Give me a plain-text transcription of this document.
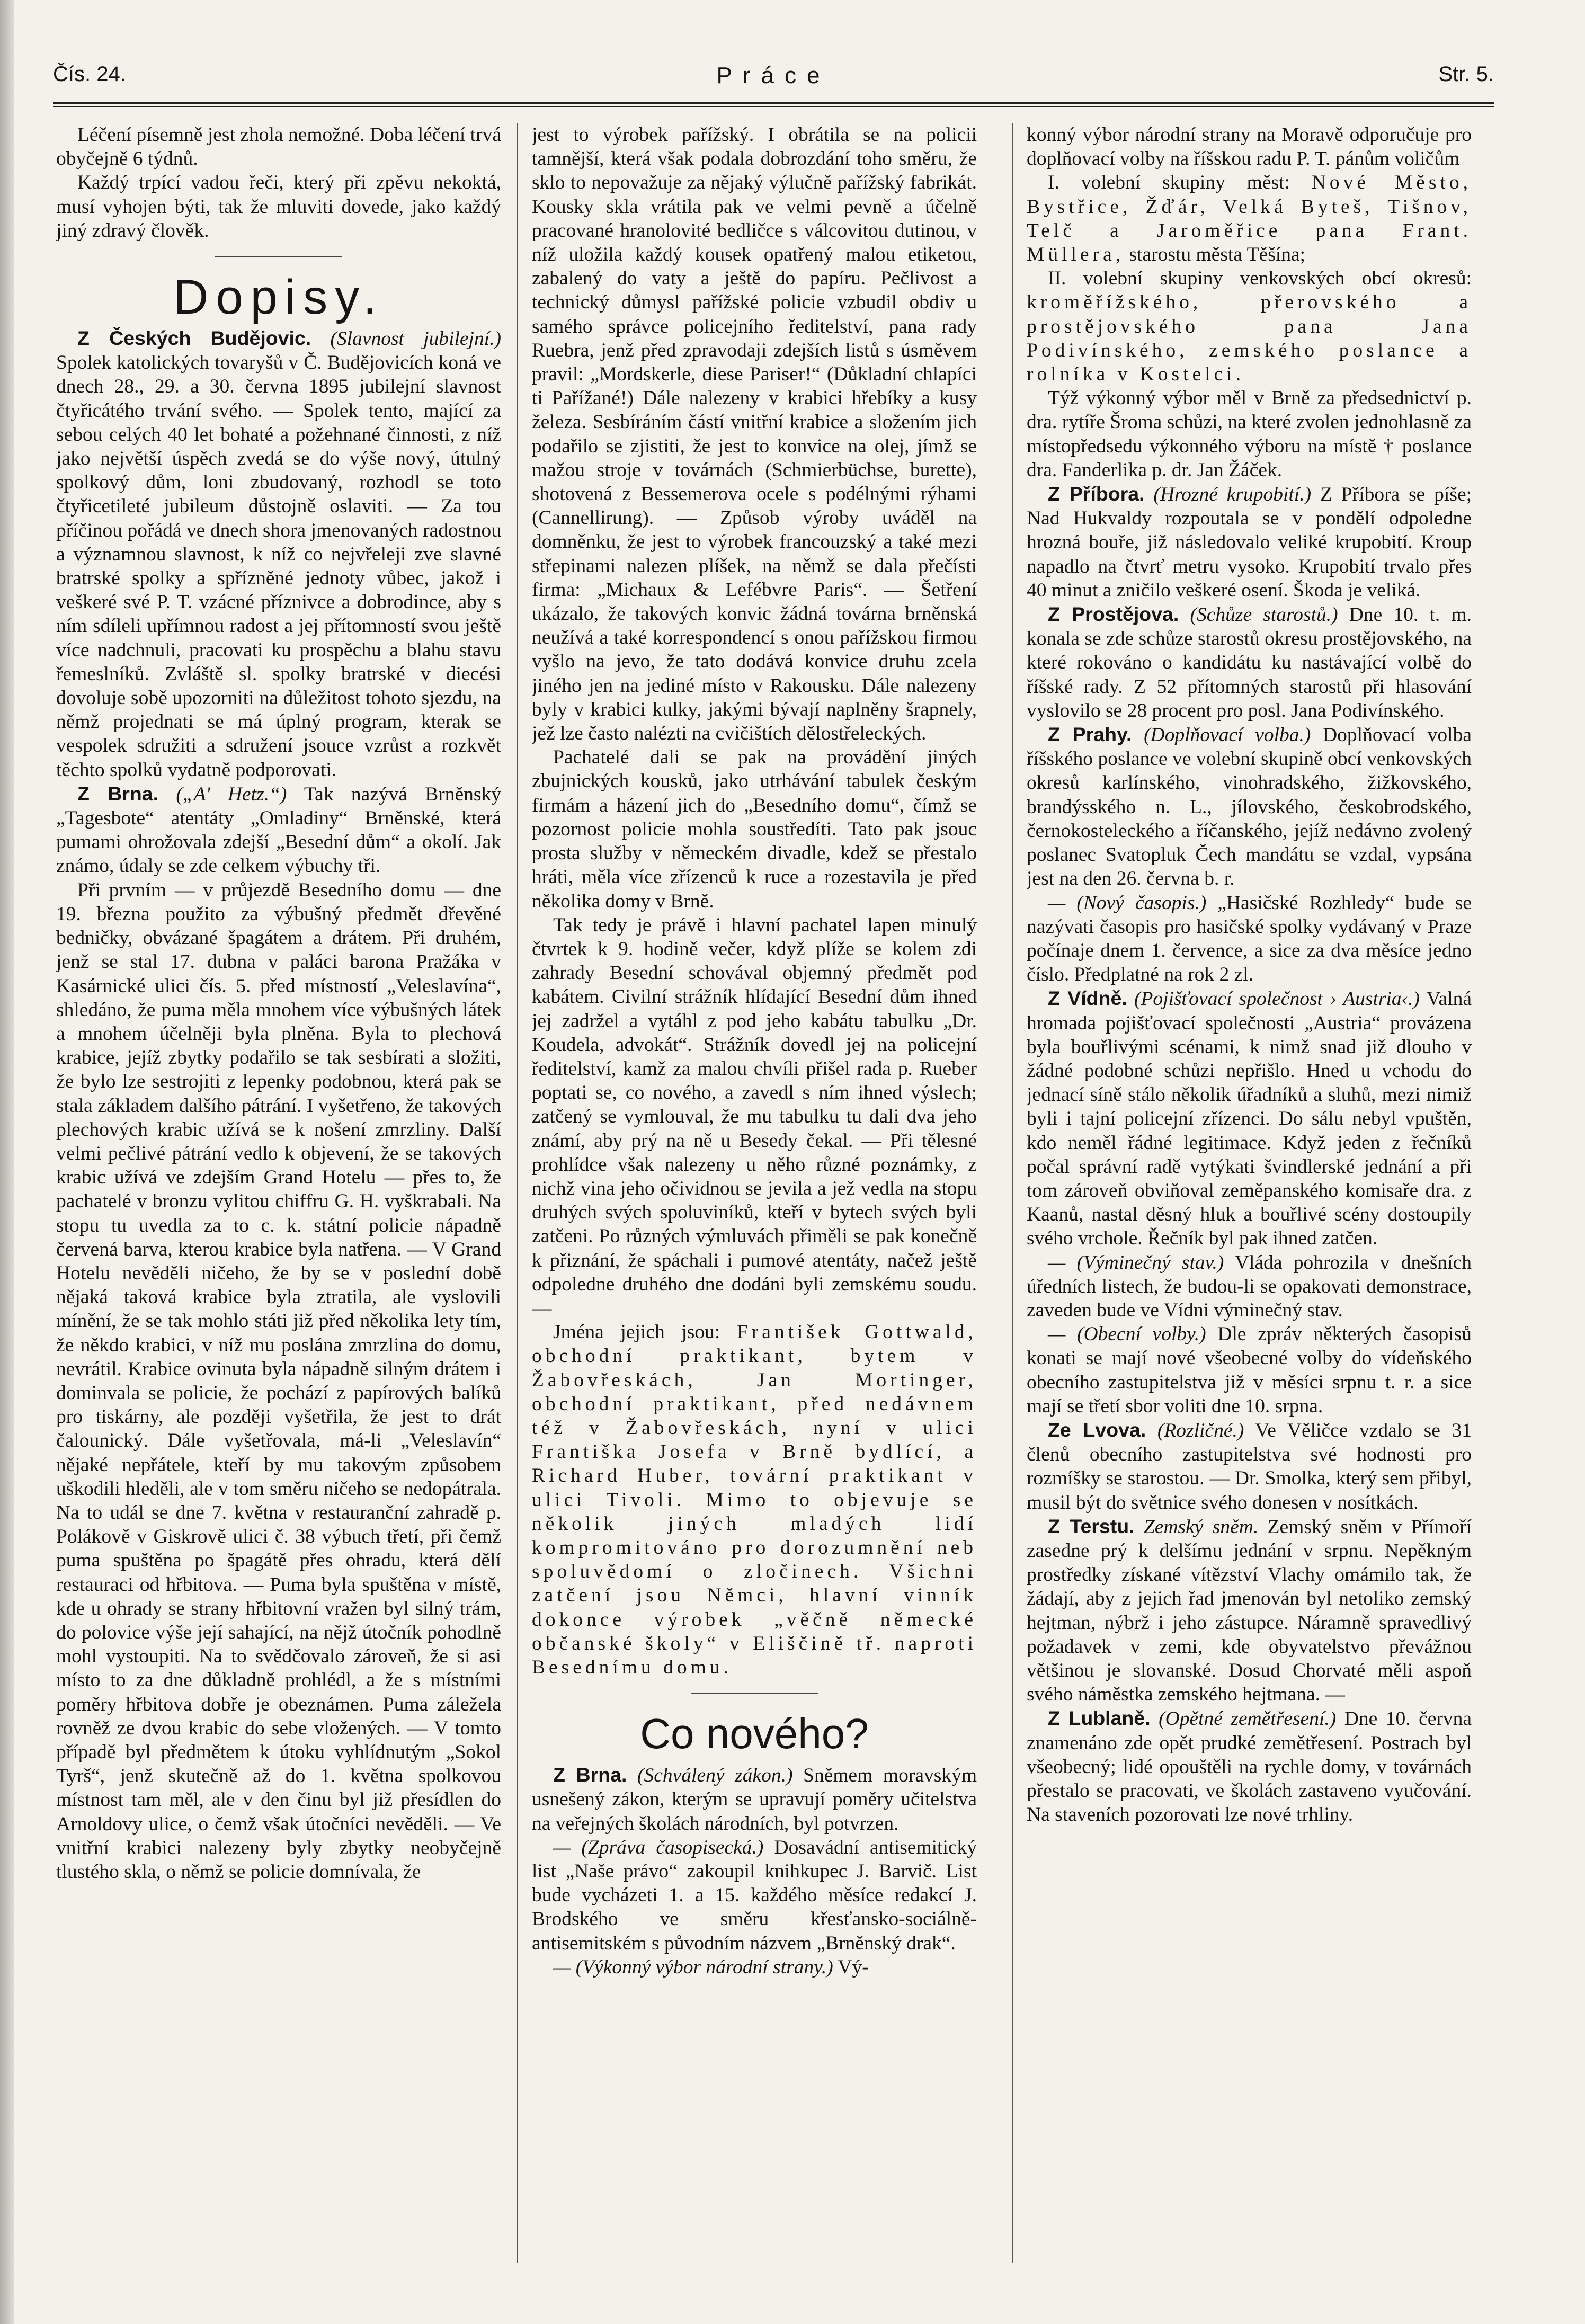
Čís. 24.	Práce	Str. 5.

Léčení písemně jest zhola nemožné. Doba léčení trvá obyčejně 6 týdnů.

Každý trpící vadou řeči, který při zpěvu nekoktá, musí vyhojen býti, tak že mluviti dovede, jako každý jiný zdravý člověk.

Dopisy.

Z Českých Budějovic. (Slavnost jubilejní.) Spolek katolických tovaryšů v Č. Budějovicích koná ve dnech 28., 29. a 30. června 1895 jubilejní slavnost čtyřicátého trvání svého. — Spolek tento, mající za sebou celých 40 let bohaté a požehnané činnosti, z níž jako největší úspěch zvedá se do výše nový, útulný spolkový dům, loni zbudovaný, rozhodl se toto čtyřicetileté jubileum důstojně oslaviti. — Za tou příčinou pořádá ve dnech shora jmenovaných radostnou a významnou slavnost, k níž co nejvřeleji zve slavné bratrské spolky a spřízněné jednoty vůbec, jakož i veškeré své P. T. vzácné příznivce a dobrodince, aby s ním sdíleli upřímnou radost a jej přítomností svou ještě více nadchnuli, pracovati ku prospěchu a blahu stavu řemeslníků. Zvláště sl. spolky bratrské v diecési dovoluje sobě upozorniti na důležitost tohoto sjezdu, na němž projednati se má úplný program, kterak se vespolek sdružiti a sdružení jsouce vzrůst a rozkvět těchto spolků vydatně podporovati.

Z Brna. („A' Hetz.“) Tak nazývá Brněnský „Tagesbote“ atentáty „Omladiny“ Brněnské, která pumami ohrožovala zdejší „Besední dům“ a okolí. Jak známo, údaly se zde celkem výbuchy tři.

Při prvním — v průjezdě Besedního domu — dne 19. března použito za výbušný předmět dřevěné bedničky, obvázané špagátem a drátem. Při druhém, jenž se stal 17. dubna v paláci barona Pražáka v Kasárnické ulici čís. 5. před místností „Veleslavína“, shledáno, že puma měla mnohem více výbušných látek a mnohem účelněji byla plněna. Byla to plechová krabice, jejíž zbytky podařilo se tak sesbírati a složiti, že bylo lze sestrojiti z lepenky podobnou, která pak se stala základem dalšího pátrání. I vyšetřeno, že takových plechových krabic užívá se k nošení zmrzliny. Další velmi pečlivé pátrání vedlo k objevení, že se takových krabic užívá ve zdejším Grand Hotelu — přes to, že pachatelé v bronzu vylitou chiffru G. H. vyškrabali. Na stopu tu uvedla za to c. k. státní policie nápadně červená barva, kterou krabice byla natřena. — V Grand Hotelu nevěděli ničeho, že by se v poslední době nějaká taková krabice byla ztratila, ale vyslovili mínění, že se tak mohlo státi již před několika lety tím, že někdo krabici, v níž mu poslána zmrzlina do domu, nevrátil. Krabice ovinuta byla nápadně silným drátem i dominvala se policie, že pochází z papírových balíků pro tiskárny, ale později vyšetřila, že jest to drát čalounický. Dále vyšetřovala, má-li „Veleslavín“ nějaké nepřátele, kteří by mu takovým způsobem uškodili hleděli, ale v tom směru ničeho se nedopátrala. Na to udál se dne 7. května v restauranční zahradě p. Polákově v Giskrově ulici č. 38 výbuch třetí, při čemž puma spuštěna po špagátě přes ohradu, která dělí restauraci od hřbitova. — Puma byla spuštěna v místě, kde u ohrady se strany hřbitovní vražen byl silný trám, do polovice výše její sahající, na nějž útočník pohodlně mohl vystoupiti. Na to svědčovalo zároveň, že si asi místo to za dne důkladně prohlédl, a že s místními poměry hřbitova dobře je obeznámen. Puma záležela rovněž ze dvou krabic do sebe vložených. — V tomto případě byl předmětem k útoku vyhlídnutým „Sokol Tyrš“, jenž skutečně až do 1. května spolkovou místnost tam měl, ale v den činu byl již přesídlen do Arnoldovy ulice, o čemž však útočníci nevěděli. — Ve vnitřní krabici nalezeny byly zbytky neobyčejně tlustého skla, o němž se policie domnívala, že

jest to výrobek pařížský. I obrátila se na policii tamnější, která však podala dobrozdání toho směru, že sklo to nepovažuje za nějaký výlučně pařížský fabrikát. Kousky skla vrátila pak ve velmi pevně a účelně pracované hranolovité bedličce s válcovitou dutinou, v níž uložila každý kousek opatřený malou etiketou, zabalený do vaty a ještě do papíru. Pečlivost a technický důmysl pařížské policie vzbudil obdiv u samého správce policejního ředitelství, pana rady Ruebra, jenž před zpravodaji zdejších listů s úsměvem pravil: „Mordskerle, diese Pariser!“ (Důkladní chlapíci ti Pařížané!) Dále nalezeny v krabici hřebíky a kusy železa. Sesbíráním částí vnitřní krabice a složením jich podařilo se zjistiti, že jest to konvice na olej, jímž se mažou stroje v továrnách (Schmierbüchse, burette), shotovená z Bessemerova ocele s podélnými rýhami (Cannellirung). — Způsob výroby uváděl na domněnku, že jest to výrobek francouzský a také mezi střepinami nalezen plíšek, na němž se dala přečísti firma: „Michaux & Lefébvre Paris“. — Šetření ukázalo, že takových konvic žádná továrna brněnská neužívá a také korrespondencí s onou pařížskou firmou vyšlo na jevo, že tato dodává konvice druhu zcela jiného jen na jediné místo v Rakousku. Dále nalezeny byly v krabici kulky, jakými bývají naplněny šrapnely, jež lze často nalézti na cvičištích dělostřeleckých.

Pachatelé dali se pak na provádění jiných zbujnických kousků, jako utrhávání tabulek českým firmám a házení jich do „Besedního domu“, čímž se pozornost policie mohla soustředíti. Tato pak jsouc prosta služby v německém divadle, kdež se přestalo hráti, měla více zřízenců k ruce a rozestavila je před několika domy v Brně.

Tak tedy je právě i hlavní pachatel lapen minulý čtvrtek k 9. hodině večer, když plíže se kolem zdi zahrady Besední schovával objemný předmět pod kabátem. Civilní strážník hlídající Besední dům ihned jej zadržel a vytáhl z pod jeho kabátu tabulku „Dr. Koudela, advokát“. Strážník dovedl jej na policejní ředitelství, kamž za malou chvíli přišel rada p. Rueber poptati se, co nového, a zavedl s ním ihned výslech; zatčený se vymlouval, že mu tabulku tu dali dva jeho známí, aby prý na ně u Besedy čekal. — Při tělesné prohlídce však nalezeny u něho různé poznámky, z nichž vina jeho očividnou se jevila a jež vedla na stopu druhých svých spoluviníků, kteří v bytech svých byli zatčeni. Po různých výmluvách přiměli se pak konečně k přiznání, že spáchali i pumové atentáty, načež ještě odpoledne druhého dne dodáni byli zemskému soudu. —

Jména jejich jsou: František Gottwald, obchodní praktikant, bytem v Žabovřeskách, Jan Mortinger, obchodní praktikant, před nedávnem též v Žabovřeskách, nyní v ulici Františka Josefa v Brně bydlící, a Richard Huber, tovární praktikant v ulici Tivoli. Mimo to objevuje se několik jiných mladých lidí kompromitováno pro dorozumnění neb spoluvědomí o zločinech. Všichni zatčení jsou Němci, hlavní vinník dokonce výrobek „věčně německé občanské školy“ v Eliščině tř. naproti Besednímu domu.

Co nového?

Z Brna. (Schválený zákon.) Sněmem moravským usnešený zákon, kterým se upravují poměry učitelstva na veřejných školách národních, byl potvrzen.

— (Zpráva časopisecká.) Dosavádní antisemitický list „Naše právo“ zakoupil knihkupec J. Barvič. List bude vycházeti 1. a 15. každého měsíce redakcí J. Brodského ve směru křesťansko-sociálně-antisemitském s původním názvem „Brněnský drak“.

— (Výkonný výbor národní strany.) Vý-

konný výbor národní strany na Moravě odporučuje pro doplňovací volby na říšskou radu P. T. pánům voličům

I. volební skupiny měst: Nové Město, Bystřice, Žďár, Velká Byteš, Tišnov, Telč a Jaroměřice pana Frant. Müllera, starostu města Těšína;

II. volební skupiny venkovských obcí okresů: kroměřížského, přerovského a prostějovského pana Jana Podivínského, zemského poslance a rolníka v Kostelci.

Týž výkonný výbor měl v Brně za předsednictví p. dra. rytíře Šroma schůzi, na které zvolen jednohlasně za místopředsedu výkonného výboru na místě † poslance dra. Fanderlika p. dr. Jan Žáček.

Z Příbora. (Hrozné krupobití.) Z Příbora se píše; Nad Hukvaldy rozpoutala se v pondělí odpoledne hrozná bouře, již následovalo veliké krupobití. Kroup napadlo na čtvrť metru vysoko. Krupobití trvalo přes 40 minut a zničilo veškeré osení. Škoda je veliká.

Z Prostějova. (Schůze starostů.) Dne 10. t. m. konala se zde schůze starostů okresu prostějovského, na které rokováno o kandidátu ku nastávající volbě do říšské rady. Z 52 přítomných starostů při hlasování vyslovilo se 28 procent pro posl. Jana Podivínského.

Z Prahy. (Doplňovací volba.) Doplňovací volba říšského poslance ve volební skupině obcí venkovských okresů karlínského, vinohradského, žižkovského, brandýsského n. L., jílovského, českobrodského, černokosteleckého a říčanského, jejíž nedávno zvolený poslanec Svatopluk Čech mandátu se vzdal, vypsána jest na den 26. června b. r.

— (Nový časopis.) „Hasičské Rozhledy“ bude se nazývati časopis pro hasičské spolky vydávaný v Praze počínaje dnem 1. července, a sice za dva měsíce jedno číslo. Předplatné na rok 2 zl.

Z Vídně. (Pojišťovací společnost › Austria‹.) Valná hromada pojišťovací společnosti „Austria“ provázena byla bouřlivými scénami, k nimž snad již dlouho v žádné podobné schůzi nepřišlo. Hned u vchodu do jednací síně stálo několik úřadníků a sluhů, mezi nimiž byli i tajní policejní zřízenci. Do sálu nebyl vpuštěn, kdo neměl řádné legitimace. Když jeden z řečníků počal správní radě vytýkati švindlerské jednání a při tom zároveň obviňoval zeměpanského komisaře dra. z Kaanů, nastal děsný hluk a bouřlivé scény dostoupily svého vrchole. Řečník byl pak ihned zatčen.

— (Výminečný stav.) Vláda pohrozila v dnešních úředních listech, že budou-li se opakovati demonstrace, zaveden bude ve Vídni výminečný stav.

— (Obecní volby.) Dle zpráv některých časopisů konati se mají nové všeobecné volby do vídeňského obecního zastupitelstva již v měsíci srpnu t. r. a sice mají se třetí sbor voliti dne 10. srpna.

Ze Lvova. (Rozličné.) Ve Věličce vzdalo se 31 členů obecního zastupitelstva své hodnosti pro rozmíšky se starostou. — Dr. Smolka, který sem přibyl, musil být do světnice svého donesen v nosítkách.

Z Terstu. Zemský sněm. Zemský sněm v Přímoří zasedne prý k delšímu jednání v srpnu. Nepěkným prostředky získané vítězství Vlachy omámilo tak, že žádají, aby z jejich řad jmenován byl netoliko zemský hejtman, nýbrž i jeho zástupce. Náramně spravedlivý požadavek v zemi, kde obyvatelstvo převážnou většinou je slovanské. Dosud Chorvaté měli aspoň svého náměstka zemského hejtmana. —

Z Lublaně. (Opětné zemětřesení.) Dne 10. června znamenáno zde opět prudké zemětřesení. Postrach byl všeobecný; lidé opouštěli na rychle domy, v továrnách přestalo se pracovati, ve školách zastaveno vyučování. Na staveních pozorovati lze nové trhliny.
